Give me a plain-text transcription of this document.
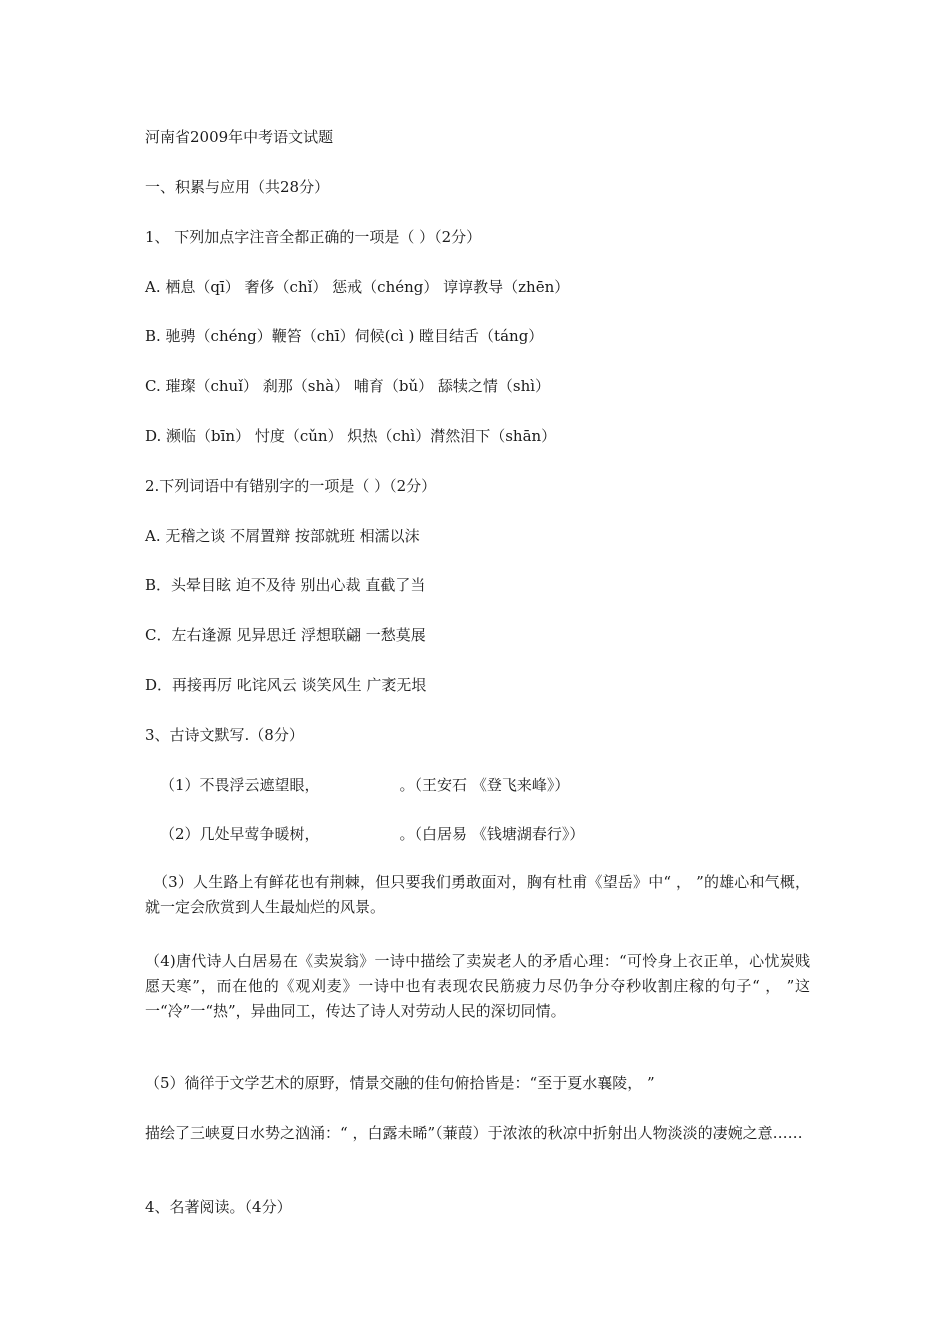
河南省2009年中考语文试题
一、积累与应用（共28分）
1、 下列加点字注音全都正确的一项是（ ）（2分）
A. 栖息（qī） 奢侈（chǐ） 惩戒（chéng） 谆谆教导（zhēn）
B. 驰骋（chéng）鞭笞（chī）伺候(cì ) 瞠目结舌（táng）
C. 璀璨（chuǐ） 刹那（shà） 哺育（bǔ） 舔犊之情（shì）
D. 濒临（bīn） 忖度（cǔn） 炽热（chì）潸然泪下（shān）
2.下列词语中有错别字的一项是（ ）（2分）
A. 无稽之谈 不屑置辩 按部就班 相濡以沫
B．头晕目眩 迫不及待 别出心裁 直截了当
C．左右逢源 见异思迁 浮想联翩 一愁莫展
D．再接再厉 叱诧风云 谈笑风生 广袤无垠
3、古诗文默写.（8分）
（1）不畏浮云遮望眼，	。（王安石 《登飞来峰》）
（2）几处早莺争暖树，	。（白居易 《钱塘湖春行》）
（3）人生路上有鲜花也有荆棘，但只要我们勇敢面对，胸有杜甫《望岳》中“ ， ”的雄心和气概，就一定会欣赏到人生最灿烂的风景。
（4)唐代诗人白居易在《卖炭翁》一诗中描绘了卖炭老人的矛盾心理：“可怜身上衣正单，心忧炭贱愿天寒”，而在他的《观刈麦》一诗中也有表现农民筋疲力尽仍争分夺秒收割庄稼的句子“ ， ”这一“冷”一“热”，异曲同工，传达了诗人对劳动人民的深切同情。
（5）徜徉于文学艺术的原野，情景交融的佳句俯拾皆是：“至于夏水襄陵， ”
描绘了三峡夏日水势之汹涌：“ ，白露未晞”（蒹葭）于浓浓的秋凉中折射出人物淡淡的凄婉之意……
4、名著阅读。（4分）
